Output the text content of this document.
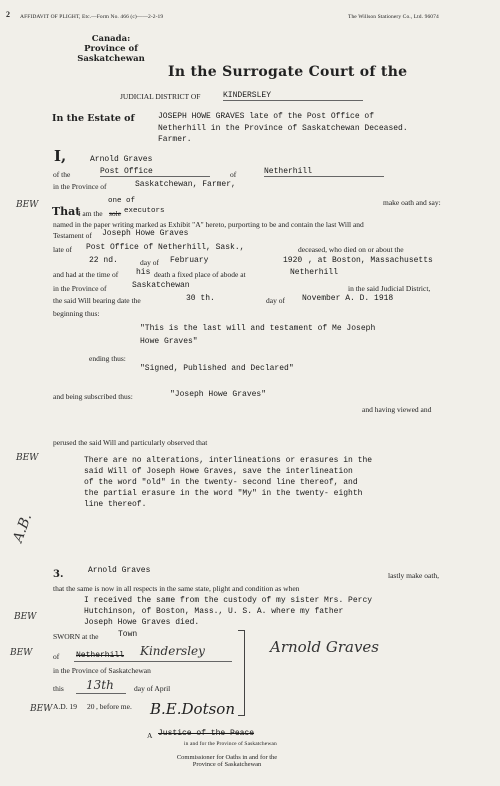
2 AFFIDAVIT OF PLIGHT, Etc.—Form No. 466 (c)——2-2-19	The Willson Stationery Co., Ltd. 96074
Canada:
Province of Saskatchewan
In the Surrogate Court of the
JUDICIAL DISTRICT OF	KINDERSLEY
In the Estate of	JOSEPH HOWE GRAVES late of the Post Office of
Netherhill in the Province of Saskatchewan Deceased.
Farmer.
I,	Arnold Graves
of the	Post Office	of	Netherhill
in the Province of	Saskatchewan, Farmer,
make oath and say:
BEW	one of
That
I am the sole executors
named in the paper writing marked as Exhibit "A" hereto, purporting to be and contain the last Will and
Testament of Joseph Howe Graves
late of Post Office of Netherhill, Sask.,	deceased, who died on or about the
22 nd.	day of February	1920 , at Boston, Massachusetts
and had at the time of his death a fixed place of abode at	Netherhill
in the Province of	Saskatchewan	in the said Judicial District,
the said Will bearing date the	30 th.	day of November A. D. 1918
beginning thus:
"This is the last will and testament of Me Joseph
Howe Graves"
ending thus:
"Signed, Published and Declared"
and being subscribed thus:	"Joseph Howe Graves"
and having viewed and
perused the said Will and particularly observed that
BEW	There are no alterations, interlineations or erasures in the
said Will of Joseph Howe Graves, save the interlineation
of the word "old" in the twenty- second line thereof, and
the partial erasure in the word "My" in the twenty- eighth
line thereof.
A.B.
3.	Arnold Graves
lastly make oath,
that the same is now in all respects in the same state, plight and condition as when
I received the same from the custody of my sister Mrs. Percy
Hutchinson, of Boston, Mass., U. S. A. where my father
Joseph Howe Graves died.
BEW
SWORN at the Town
of Netherhill Kindersley
BEW
in the Province of Saskatchewan
this 13th	day of April
A.D. 19 20 , before me.
Arnold Graves
B.E.Dotson
BEW
A Justice of the Peace
in and for the Province of Saskatchewan
Commissioner for Oaths in and for the
Province of Saskatchewan
